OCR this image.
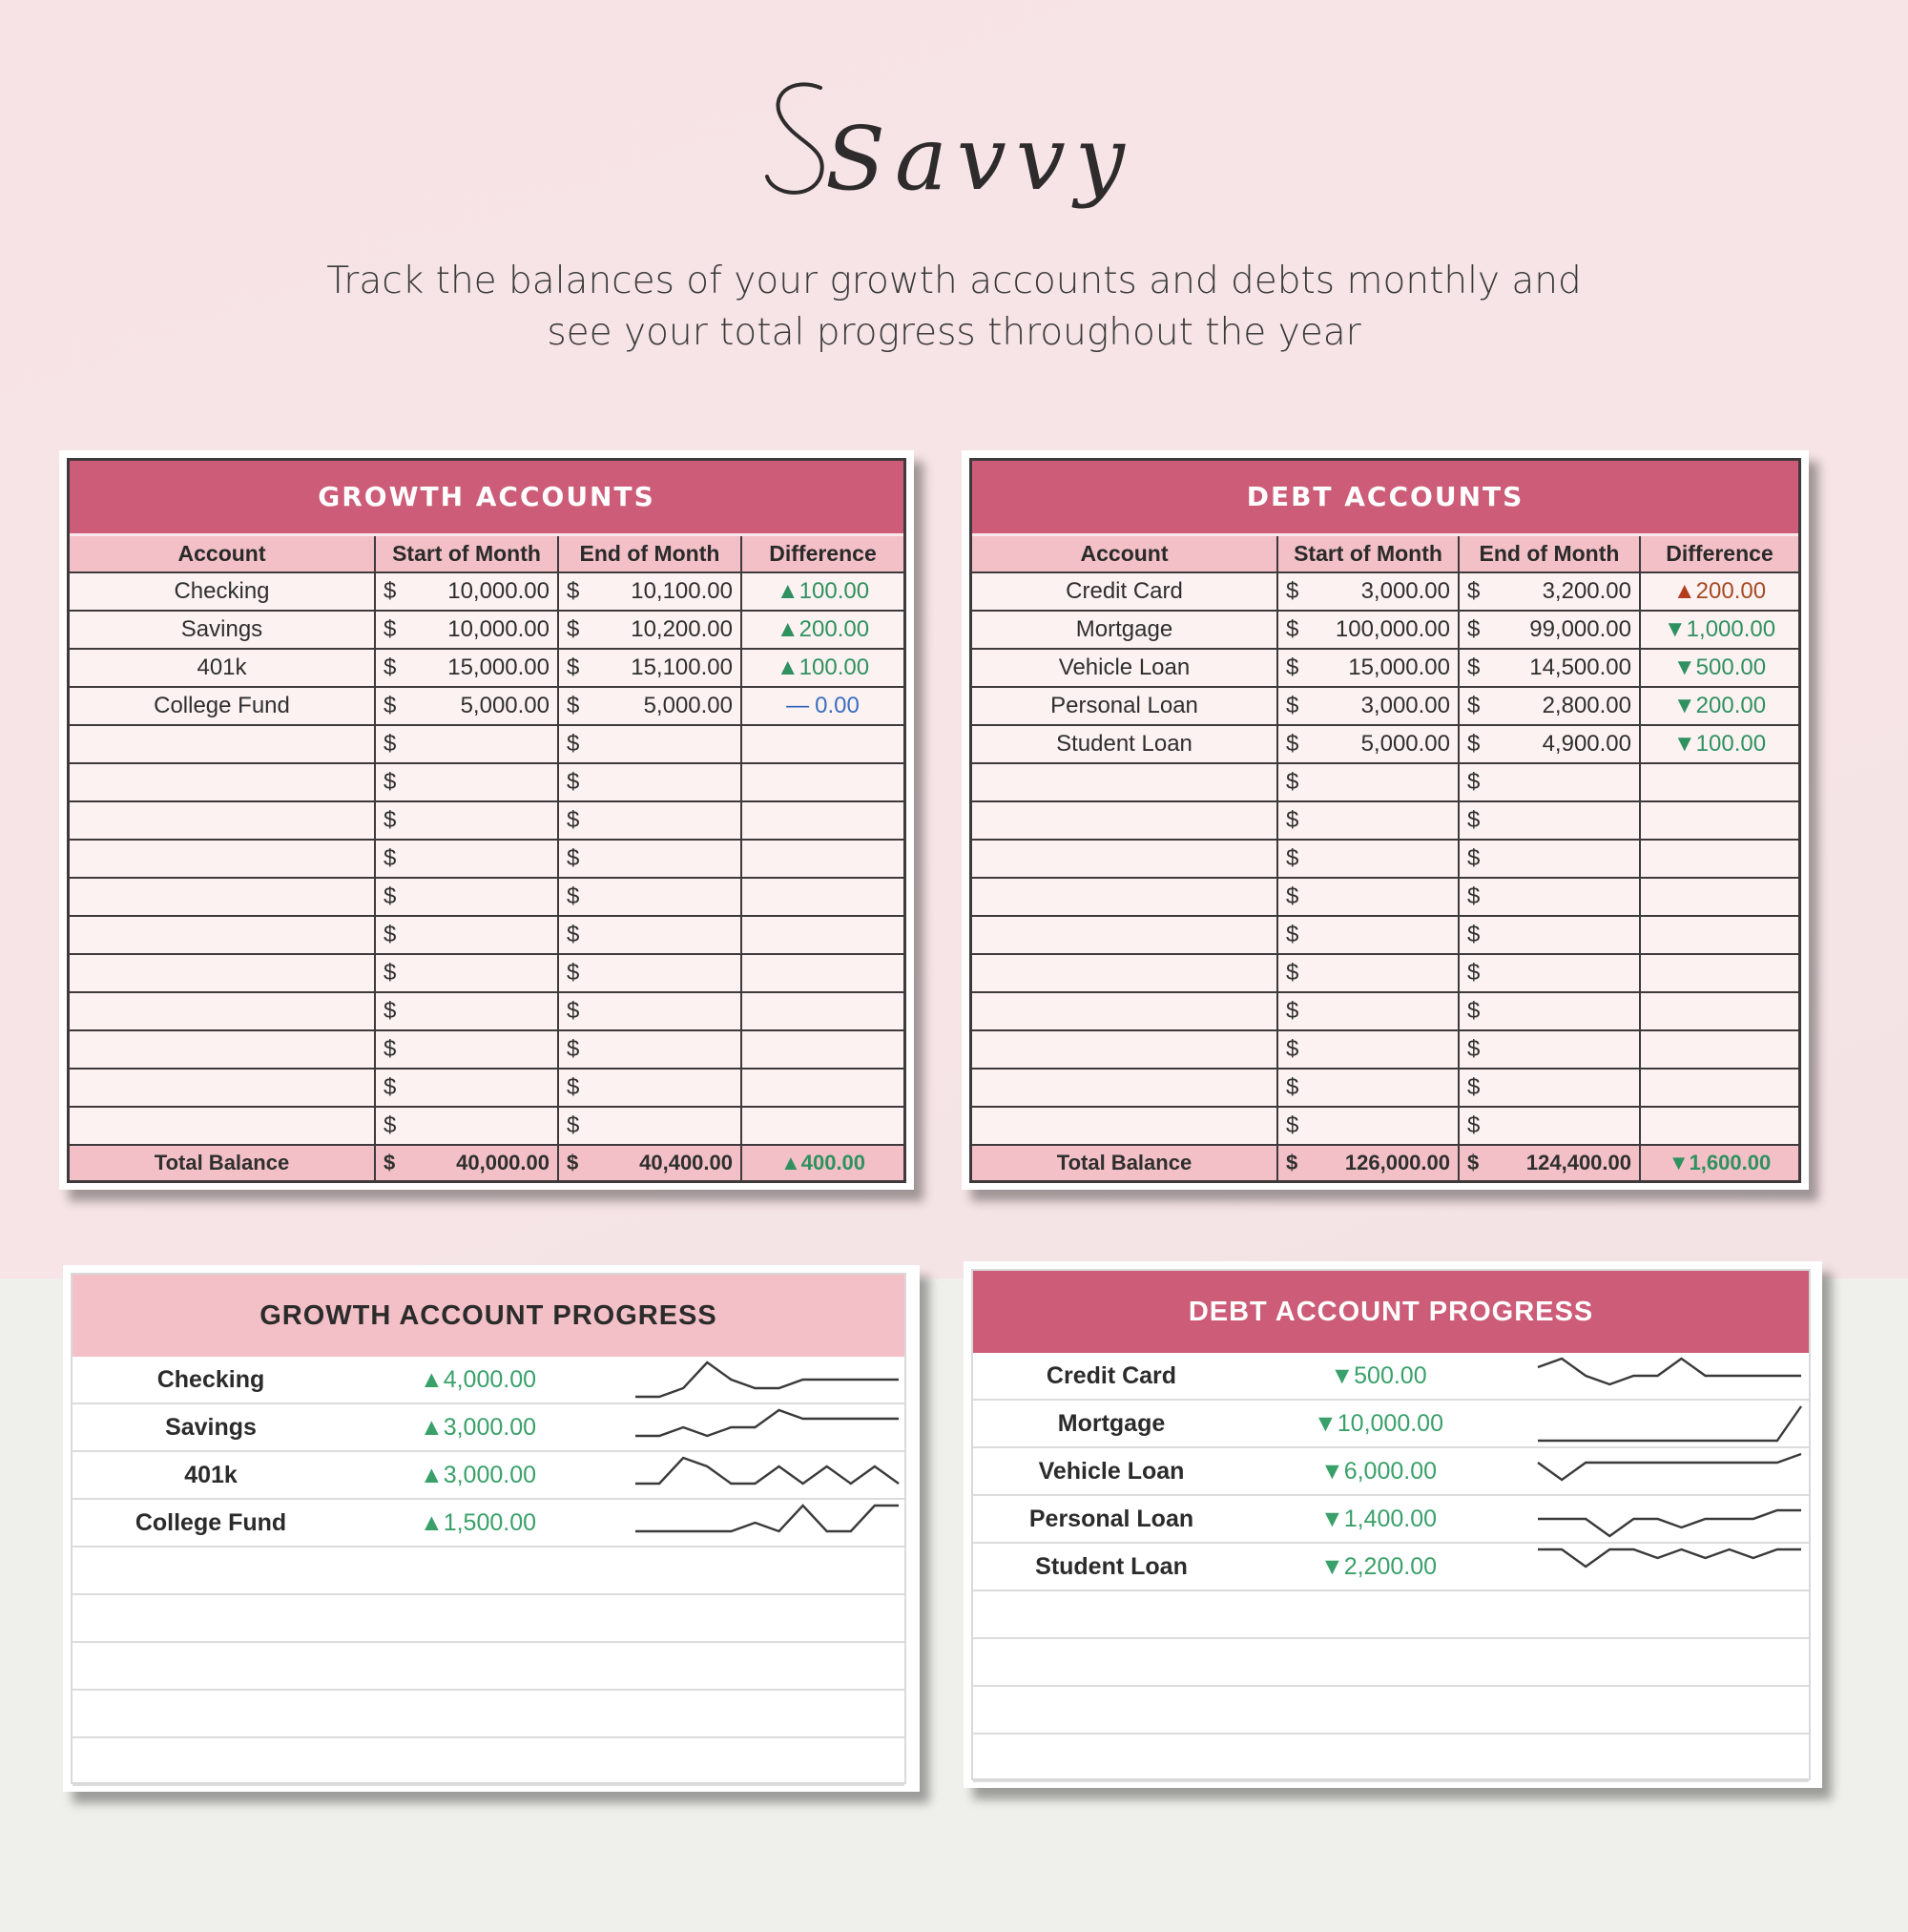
Savvy
Track the balances of your growth accounts and debts monthly and
see your total progress throughout the year
GROWTH ACCOUNTS
Account	Start of Month	End of Month	Difference
Checking	$ 10,000.00	$ 10,100.00	▲100.00
Savings	$ 10,000.00	$ 10,200.00	▲200.00
401k	$ 15,000.00	$ 15,100.00	▲100.00
College Fund	$ 5,000.00	$ 5,000.00	— 0.00

	$	$	

	$	$	

	$	$	

	$	$	

	$	$	

	$	$	

	$	$	

	$	$	

	$	$	

	$	$	

	$	$	

Total Balance	$ 40,000.00	$ 40,400.00	▲400.00
DEBT ACCOUNTS
Account	Start of Month	End of Month	Difference
Credit Card	$ 3,000.00	$ 3,200.00	▲200.00
Mortgage	$ 100,000.00	$ 99,000.00	▼1,000.00
Vehicle Loan	$ 15,000.00	$ 14,500.00	▼500.00
Personal Loan	$ 3,000.00	$ 2,800.00	▼200.00
Student Loan	$ 5,000.00	$ 4,900.00	▼100.00

	$	$	

	$	$	

	$	$	

	$	$	

	$	$	

	$	$	

	$	$	

	$	$	

	$	$	

	$	$	

Total Balance	$ 126,000.00	$ 124,400.00	▼1,600.00
GROWTH ACCOUNT PROGRESS
Checking	▲4,000.00
Savings	▲3,000.00
401k	▲3,000.00
College Fund	▲1,500.00
DEBT ACCOUNT PROGRESS
Credit Card	▼500.00
Mortgage	▼10,000.00
Vehicle Loan	▼6,000.00
Personal Loan	▼1,400.00
Student Loan	▼2,200.00
